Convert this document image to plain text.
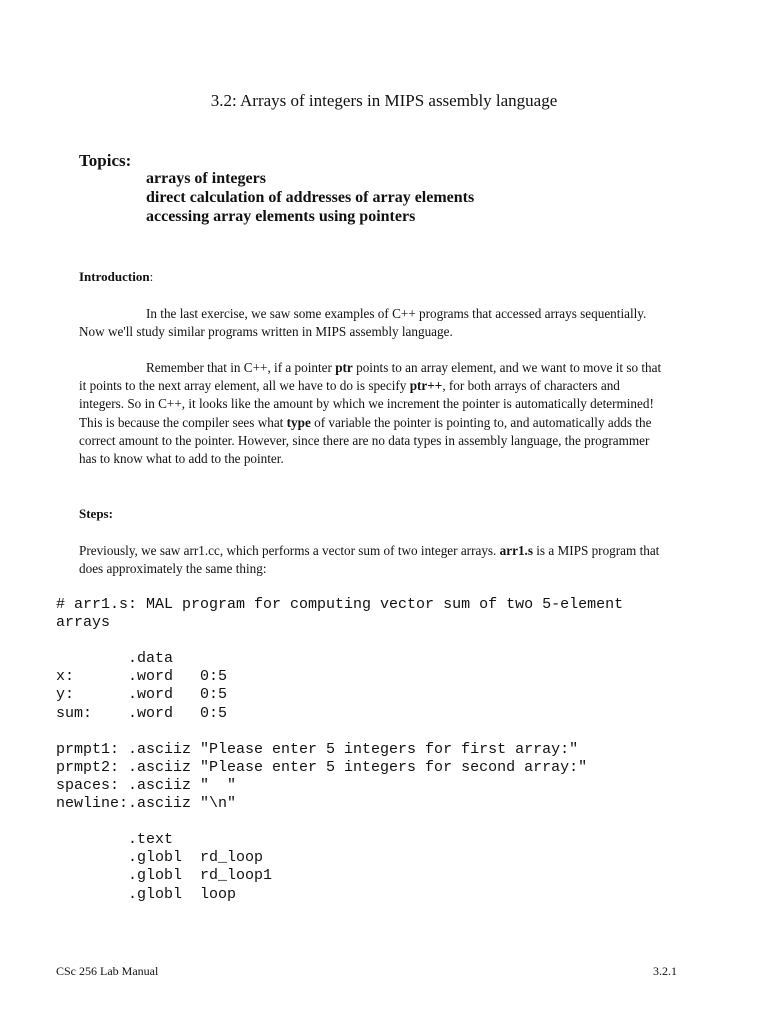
3.2: Arrays of integers in MIPS assembly language
Topics:
arrays of integers
direct calculation of addresses of array elements
accessing array elements using pointers
Introduction:

In the last exercise, we saw some examples of C++ programs that accessed arrays sequentially. Now we'll study similar programs written in MIPS assembly language.

Remember that in C++, if a pointer ptr points to an array element, and we want to move it so that it points to the next array element, all we have to do is specify ptr++, for both arrays of characters and integers. So in C++, it looks like the amount by which we increment the pointer is automatically determined! This is because the compiler sees what type of variable the pointer is pointing to, and automatically adds the correct amount to the pointer. However, since there are no data types in assembly language, the programmer has to know what to add to the pointer.

Steps:

Previously, we saw arr1.cc, which performs a vector sum of two integer arrays. arr1.s is a MIPS program that does approximately the same thing:

# arr1.s: MAL program for computing vector sum of two 5-element
arrays
.data
x:      .word   0:5
y:      .word   0:5
sum:    .word   0:5
prmpt1: .asciiz "Please enter 5 integers for first array:"
prmpt2: .asciiz "Please enter 5 integers for second array:"
spaces: .asciiz "  "
newline:.asciiz "\n"
.text
.globl  rd_loop
.globl  rd_loop1
.globl  loop
CSc 256 Lab Manual	3.2.1
